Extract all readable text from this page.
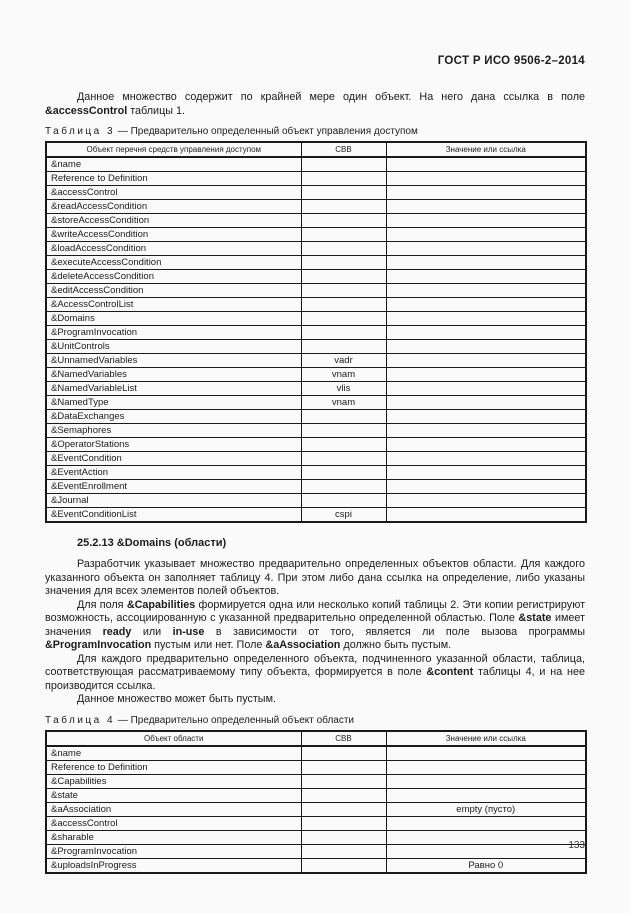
ГОСТ Р ИСО 9506-2–2014

Данное множество содержит по крайней мере один объект. На него дана ссылка в поле &accessControl таблицы 1.

Таблица 3 — Предварительно определенный объект управления доступом
Объект перечня средств управления доступом	СВВ	Значение или ссылка
&name		
Reference to Definition		
&accessControl		
&readAccessCondition		
&storeAccessCondition		
&writeAccessCondition		
&loadAccessCondition		
&executeAccessCondition		
&deleteAccessCondition		
&editAccessCondition		
&AccessControlList		
&Domains		
&ProgramInvocation		
&UnitControls		
&UnnamedVariables	vadr	
&NamedVariables	vnam	
&NamedVariableList	vlis	
&NamedType	vnam	
&DataExchanges		
&Semaphores		
&OperatorStations		
&EventCondition		
&EventAction		
&EventEnrollment		
&Journal		
&EventConditionList	cspi	
25.2.13 &Domains (области)

Разработчик указывает множество предварительно определенных объектов области. Для каждого указанного объекта он заполняет таблицу 4. При этом либо дана ссылка на определение, либо указаны значения для всех элементов полей объектов.

Для поля &Capabilities формируется одна или несколько копий таблицы 2. Эти копии регистрируют возможность, ассоциированную с указанной предварительно определенной областью. Поле &state имеет значения ready или in-use в зависимости от того, является ли поле вызова программы &ProgramInvocation пустым или нет. Поле &aAssociation должно быть пустым.

Для каждого предварительно определенного объекта, подчиненного указанной области, таблица, соответствующая рассматриваемому типу объекта, формируется в поле &content таблицы 4, и на нее производится ссылка.

Данное множество может быть пустым.

Таблица 4 — Предварительно определенный объект области
Объект области	СВВ	Значение или ссылка
&name		
Reference to Definition		
&Capabilities		
&state		
&aAssociation		empty (пусто)
&accessControl		
&sharable		
&ProgramInvocation		
&uploadsInProgress		Равно 0
133
